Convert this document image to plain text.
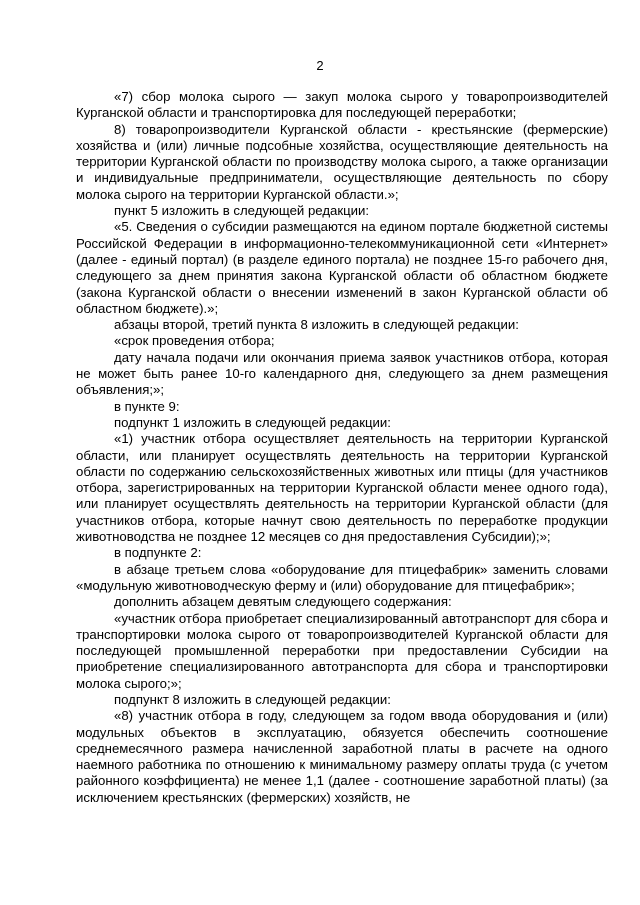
2

«7) сбор молока сырого — закуп молока сырого у товаропроизводителей Курганской области и транспортировка для последующей переработки;

8) товаропроизводители Курганской области - крестьянские (фермерские) хозяйства и (или) личные подсобные хозяйства, осуществляющие деятельность на территории Курганской области по производству молока сырого, а также организации и индивидуальные предприниматели, осуществляющие деятельность по сбору молока сырого на территории Курганской области.»;

пункт 5 изложить в следующей редакции:

«5. Сведения о субсидии размещаются на едином портале бюджетной системы Российской Федерации в информационно-телекоммуникационной сети «Интернет» (далее - единый портал) (в разделе единого портала) не позднее 15-го рабочего дня, следующего за днем принятия закона Курганской области об областном бюджете (закона Курганской области о внесении изменений в закон Курганской области об областном бюджете).»;

абзацы второй, третий пункта 8 изложить в следующей редакции:

«срок проведения отбора;

дату начала подачи или окончания приема заявок участников отбора, которая не может быть ранее 10-го календарного дня, следующего за днем размещения объявления;»;

в пункте 9:

подпункт 1 изложить в следующей редакции:

«1) участник отбора осуществляет деятельность на территории Курганской области, или планирует осуществлять деятельность на территории Курганской области по содержанию сельскохозяйственных животных или птицы (для участников отбора, зарегистрированных на территории Курганской области менее одного года), или планирует осуществлять деятельность на территории Курганской области (для участников отбора, которые начнут свою деятельность по переработке продукции животноводства не позднее 12 месяцев со дня предоставления Субсидии);»;

в подпункте 2:

в абзаце третьем слова «оборудование для птицефабрик» заменить словами «модульную животноводческую ферму и (или) оборудование для птицефабрик»;

дополнить абзацем девятым следующего содержания:

«участник отбора приобретает специализированный автотранспорт для сбора и транспортировки молока сырого от товаропроизводителей Курганской области для последующей промышленной переработки при предоставлении Субсидии на приобретение специализированного автотранспорта для сбора и транспортировки молока сырого;»;

подпункт 8 изложить в следующей редакции:

«8) участник отбора в году, следующем за годом ввода оборудования и (или) модульных объектов в эксплуатацию, обязуется обеспечить соотношение среднемесячного размера начисленной заработной платы в расчете на одного наемного работника по отношению к минимальному размеру оплаты труда (с учетом районного коэффициента) не менее 1,1 (далее - соотношение заработной платы) (за исключением крестьянских (фермерских) хозяйств, не
